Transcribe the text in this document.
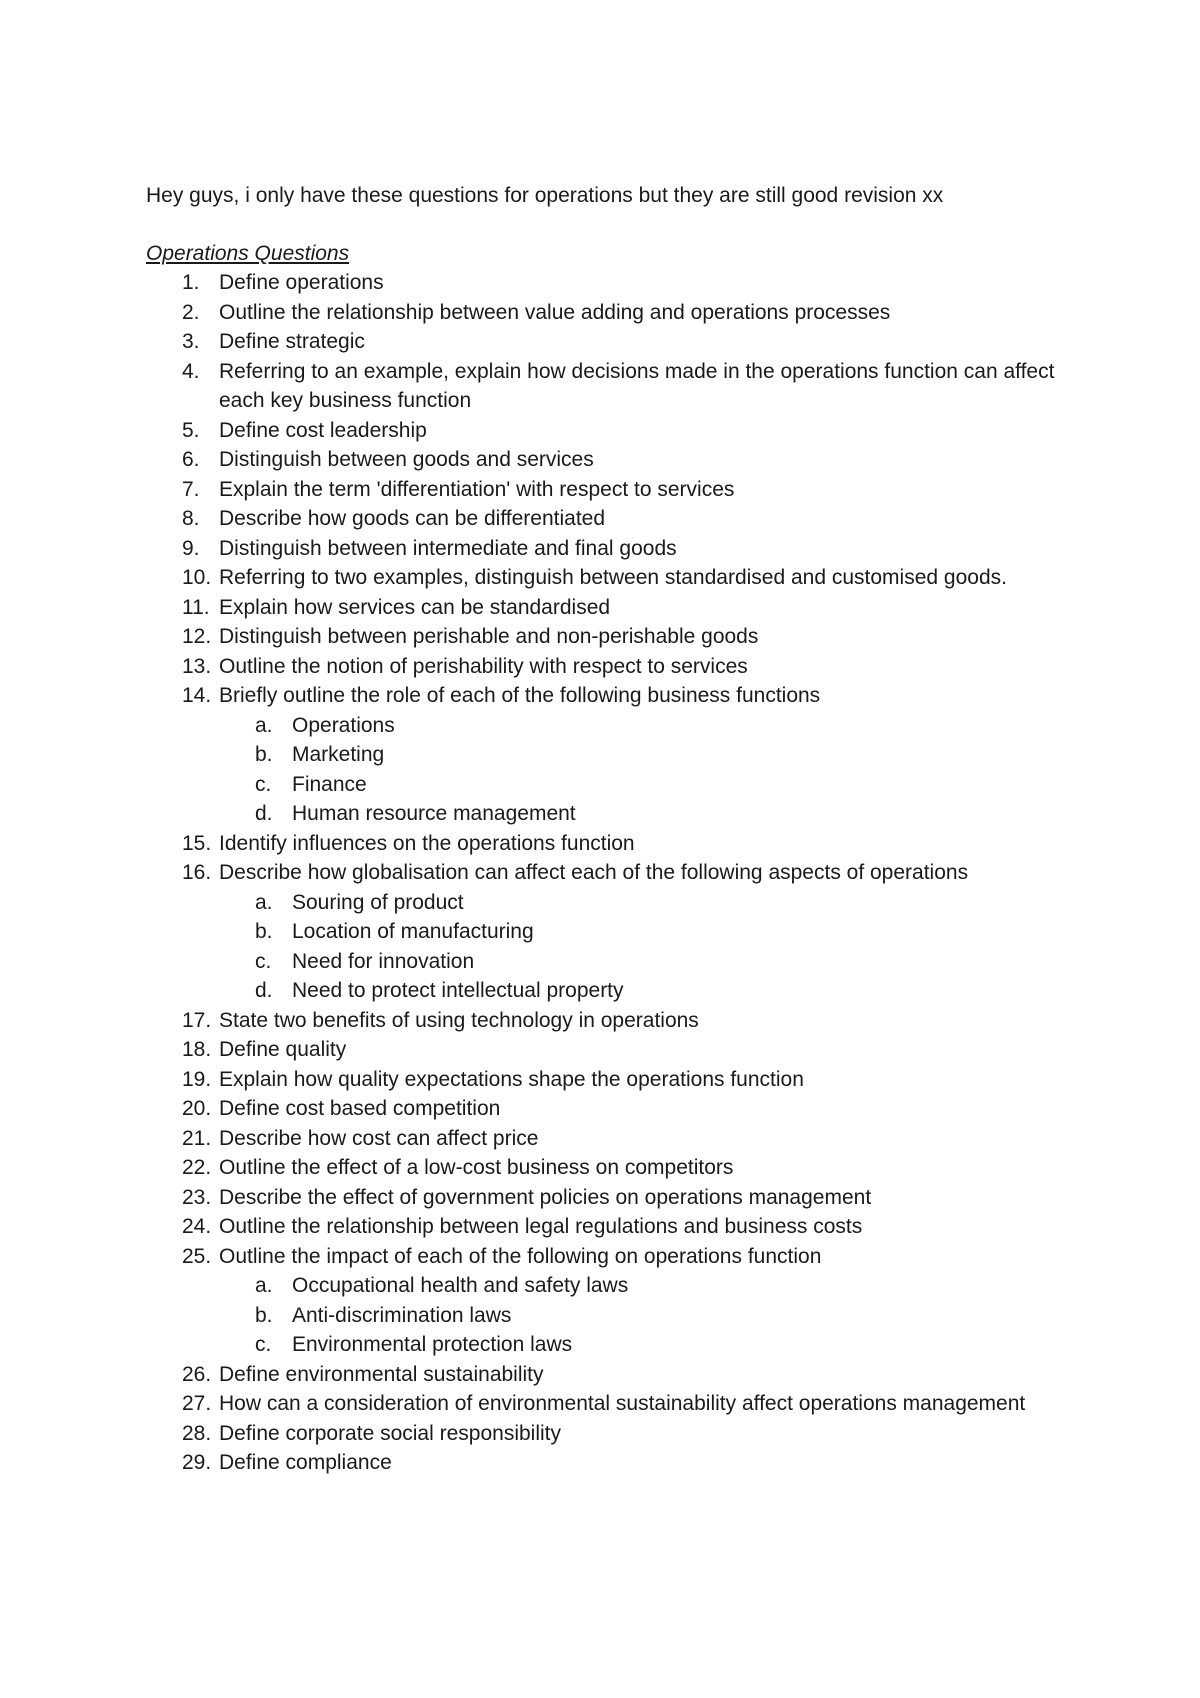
Hey guys, i only have these questions for operations but they are still good revision xx

Operations Questions

1. Define operations
2. Outline the relationship between value adding and operations processes
3. Define strategic
4. Referring to an example, explain how decisions made in the operations function can affect each key business function
5. Define cost leadership
6. Distinguish between goods and services
7. Explain the term 'differentiation' with respect to services
8. Describe how goods can be differentiated
9. Distinguish between intermediate and final goods
10. Referring to two examples, distinguish between standardised and customised goods.
11. Explain how services can be standardised
12. Distinguish between perishable and non-perishable goods
13. Outline the notion of perishability with respect to services
14. Briefly outline the role of each of the following business functions
a. Operations
b. Marketing
c. Finance
d. Human resource management
15. Identify influences on the operations function
16. Describe how globalisation can affect each of the following aspects of operations
a. Souring of product
b. Location of manufacturing
c. Need for innovation
d. Need to protect intellectual property
17. State two benefits of using technology in operations
18. Define quality
19. Explain how quality expectations shape the operations function
20. Define cost based competition
21. Describe how cost can affect price
22. Outline the effect of a low-cost business on competitors
23. Describe the effect of government policies on operations management
24. Outline the relationship between legal regulations and business costs
25. Outline the impact of each of the following on operations function
a. Occupational health and safety laws
b. Anti-discrimination laws
c. Environmental protection laws
26. Define environmental sustainability
27. How can a consideration of environmental sustainability affect operations management
28. Define corporate social responsibility
29. Define compliance
